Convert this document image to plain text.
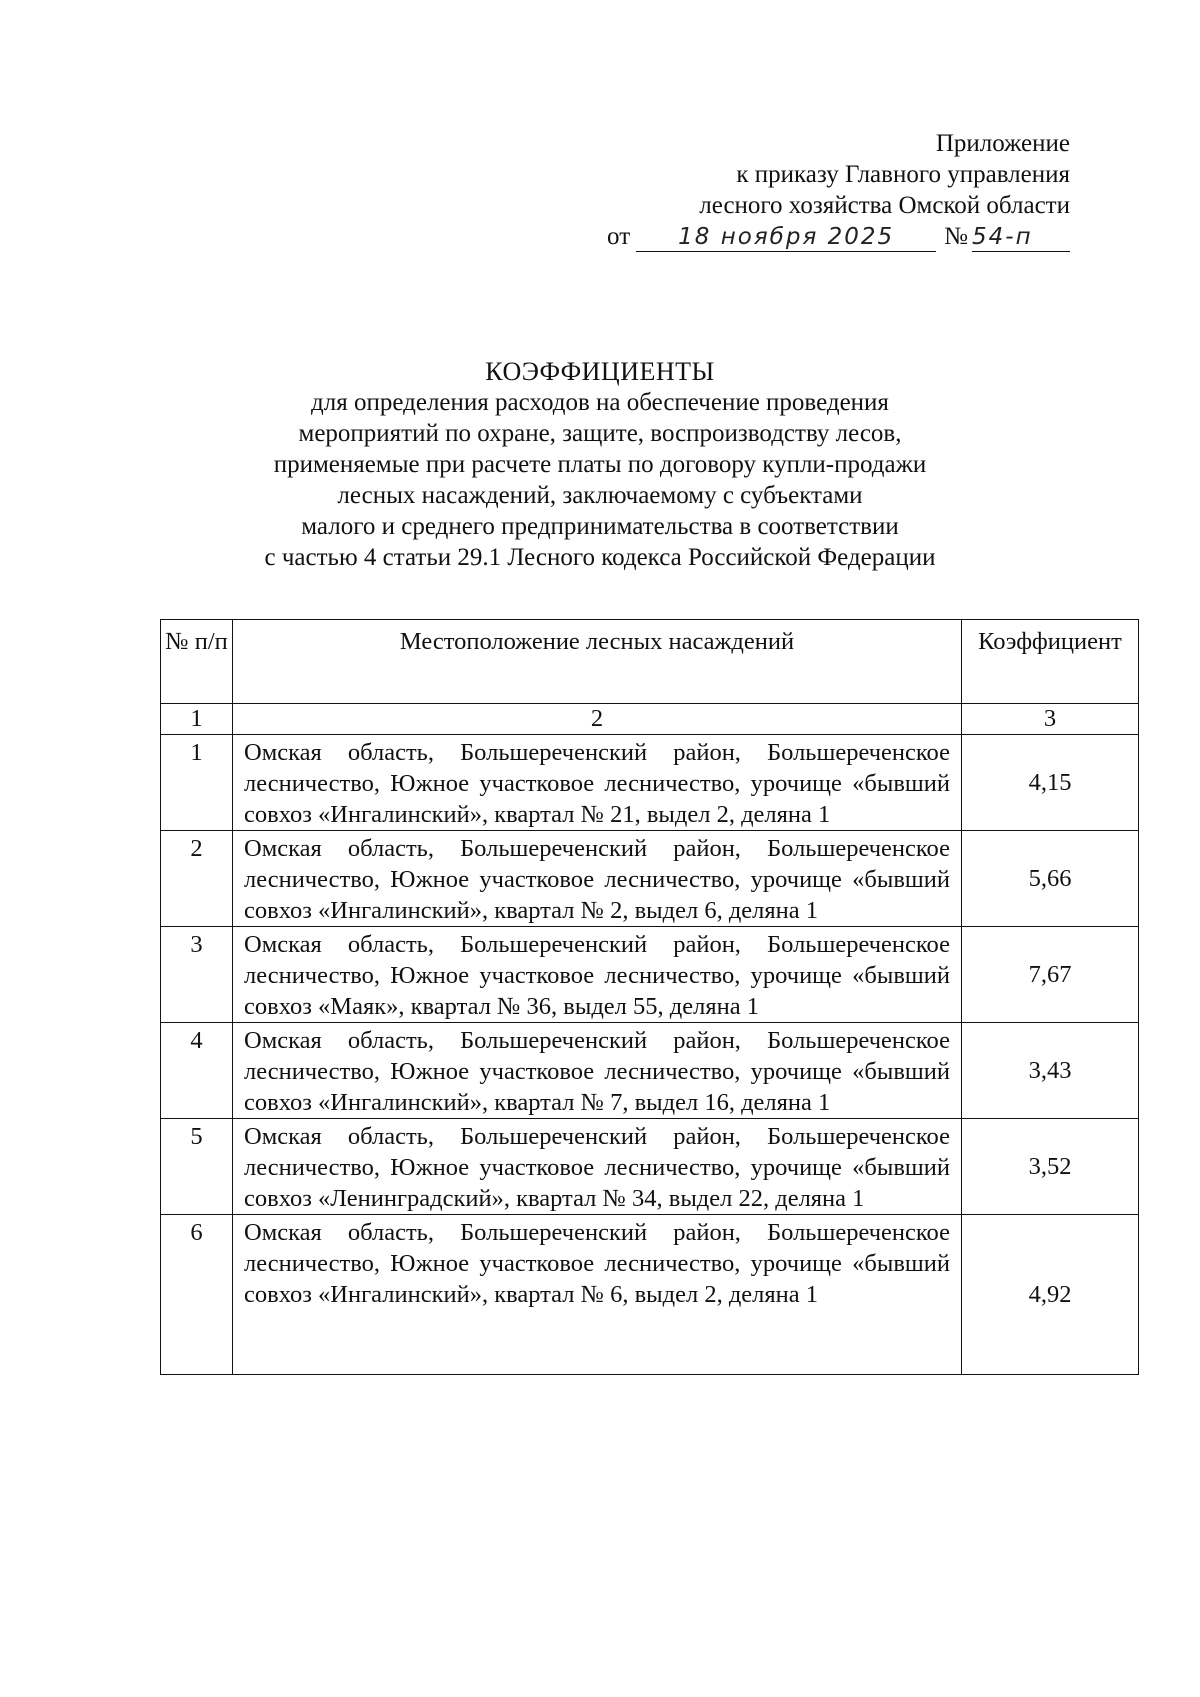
Приложение
к приказу Главного управления
лесного хозяйства Омской области
от	18 ноября 2025	№ 54-п
КОЭФФИЦИЕНТЫ
для определения расходов на обеспечение проведения
мероприятий по охране, защите, воспроизводству лесов,
применяемые при расчете платы по договору купли-продажи
лесных насаждений, заключаемому с субъектами
малого и среднего предпринимательства в соответствии
с частью 4 статьи 29.1 Лесного кодекса Российской Федерации
№ п/п	Местоположение лесных насаждений	Коэффициент
1	2	3
1	Омская область, Большереченский район, Большереченское лесничество, Южное участковое лесничество, урочище «бывший совхоз «Ингалинский», квартал № 21, выдел 2, деляна 1	4,15
2	Омская область, Большереченский район, Большереченское лесничество, Южное участковое лесничество, урочище «бывший совхоз «Ингалинский», квартал № 2, выдел 6, деляна 1	5,66
3	Омская область, Большереченский район, Большереченское лесничество, Южное участковое лесничество, урочище «бывший совхоз «Маяк», квартал № 36, выдел 55, деляна 1	7,67
4	Омская область, Большереченский район, Большереченское лесничество, Южное участковое лесничество, урочище «бывший совхоз «Ингалинский», квартал № 7, выдел 16, деляна 1	3,43
5	Омская область, Большереченский район, Большереченское лесничество, Южное участковое лесничество, урочище «бывший совхоз «Ленинградский», квартал № 34, выдел 22, деляна 1	3,52
6	Омская область, Большереченский район, Большереченское лесничество, Южное участковое лесничество, урочище «бывший совхоз «Ингалинский», квартал № 6, выдел 2, деляна 1	4,92
